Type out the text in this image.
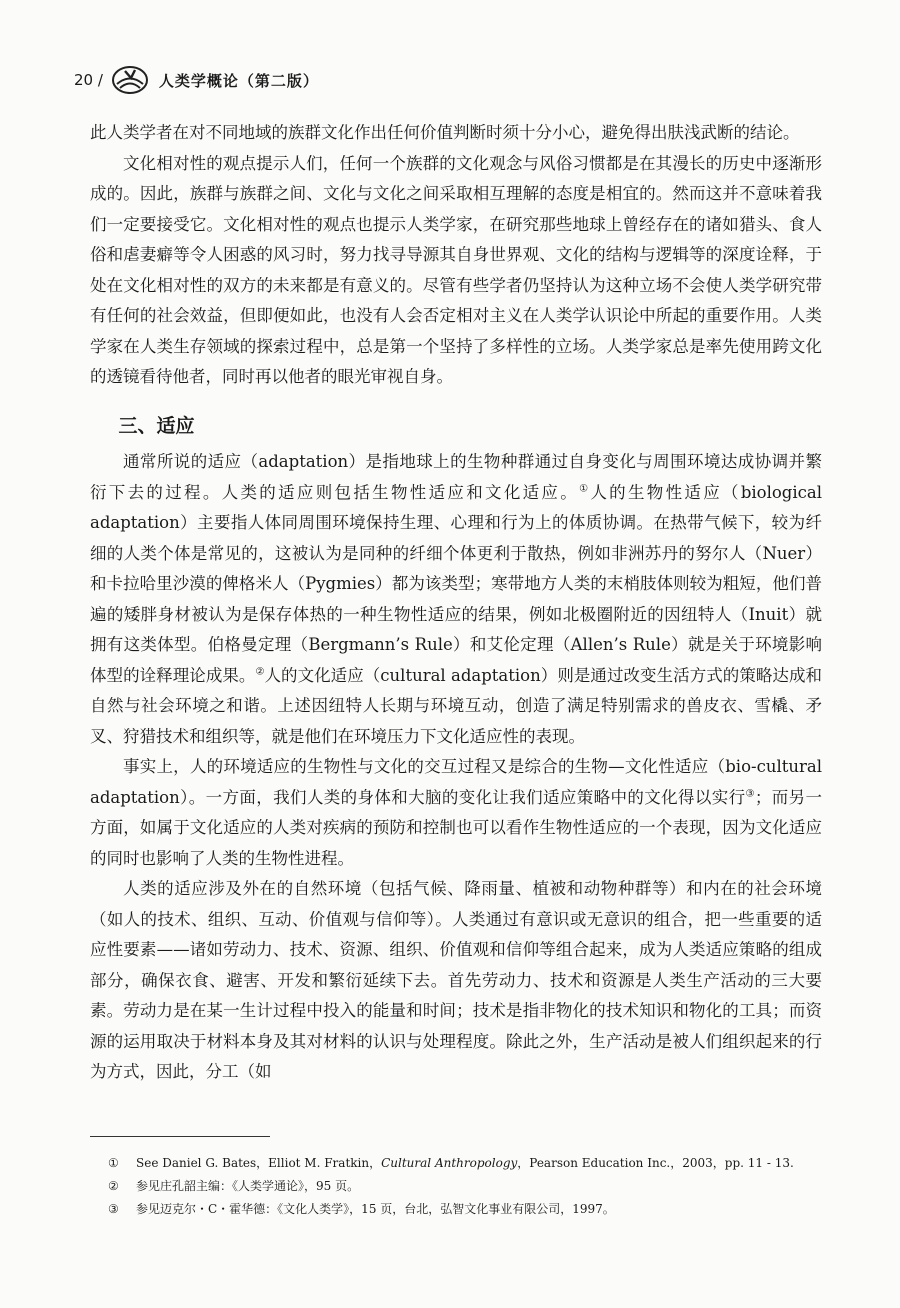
20 /	人类学概论（第二版）

此人类学者在对不同地域的族群文化作出任何价值判断时须十分小心，避免得出肤浅武断的结论。

文化相对性的观点提示人们，任何一个族群的文化观念与风俗习惯都是在其漫长的历史中逐渐形成的。因此，族群与族群之间、文化与文化之间采取相互理解的态度是相宜的。然而这并不意味着我们一定要接受它。文化相对性的观点也提示人类学家，在研究那些地球上曾经存在的诸如猎头、食人俗和虐妻癖等令人困惑的风习时，努力找寻导源其自身世界观、文化的结构与逻辑等的深度诠释，于处在文化相对性的双方的未来都是有意义的。尽管有些学者仍坚持认为这种立场不会使人类学研究带有任何的社会效益，但即便如此，也没有人会否定相对主义在人类学认识论中所起的重要作用。人类学家在人类生存领域的探索过程中，总是第一个坚持了多样性的立场。人类学家总是率先使用跨文化的透镜看待他者，同时再以他者的眼光审视自身。

三、适应

通常所说的适应（adaptation）是指地球上的生物种群通过自身变化与周围环境达成协调并繁衍下去的过程。人类的适应则包括生物性适应和文化适应。①人的生物性适应（biological adaptation）主要指人体同周围环境保持生理、心理和行为上的体质协调。在热带气候下，较为纤细的人类个体是常见的，这被认为是同种的纤细个体更利于散热，例如非洲苏丹的努尔人（Nuer）和卡拉哈里沙漠的俾格米人（Pygmies）都为该类型；寒带地方人类的末梢肢体则较为粗短，他们普遍的矮胖身材被认为是保存体热的一种生物性适应的结果，例如北极圈附近的因纽特人（Inuit）就拥有这类体型。伯格曼定理（Bergmann’s Rule）和艾伦定理（Allen’s Rule）就是关于环境影响体型的诠释理论成果。②人的文化适应（cultural adaptation）则是通过改变生活方式的策略达成和自然与社会环境之和谐。上述因纽特人长期与环境互动，创造了满足特别需求的兽皮衣、雪橇、矛叉、狩猎技术和组织等，就是他们在环境压力下文化适应性的表现。

事实上，人的环境适应的生物性与文化的交互过程又是综合的生物—文化性适应（bio-cultural adaptation）。一方面，我们人类的身体和大脑的变化让我们适应策略中的文化得以实行③；而另一方面，如属于文化适应的人类对疾病的预防和控制也可以看作生物性适应的一个表现，因为文化适应的同时也影响了人类的生物性进程。

人类的适应涉及外在的自然环境（包括气候、降雨量、植被和动物种群等）和内在的社会环境（如人的技术、组织、互动、价值观与信仰等）。人类通过有意识或无意识的组合，把一些重要的适应性要素——诸如劳动力、技术、资源、组织、价值观和信仰等组合起来，成为人类适应策略的组成部分，确保衣食、避害、开发和繁衍延续下去。首先劳动力、技术和资源是人类生产活动的三大要素。劳动力是在某一生计过程中投入的能量和时间；技术是指非物化的技术知识和物化的工具；而资源的运用取决于材料本身及其对材料的认识与处理程度。除此之外，生产活动是被人们组织起来的行为方式，因此，分工（如

①	See Daniel G. Bates，Elliot M. Fratkin，Cultural Anthropology，Pearson Education Inc.，2003，pp. 11 - 13.
②	参见庄孔韶主编：《人类学通论》，95 页。
③	参见迈克尔・C・霍华德：《文化人类学》，15 页，台北，弘智文化事业有限公司，1997。
